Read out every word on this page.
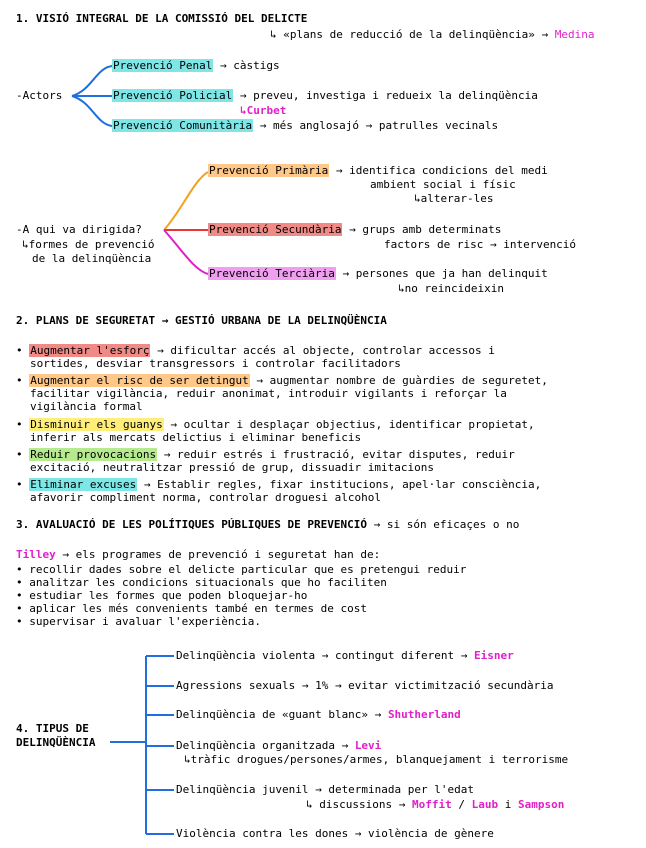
1. VISIÓ INTEGRAL DE LA COMISSIÓ DEL DELICTE
↳ «plans de reducció de la delinqüència» → Medina
-Actors
Prevenció Penal → càstigs
Prevenció Policial → preveu, investiga i redueix la delinqüència
↳Curbet
Prevenció Comunitària → més anglosajó → patrulles vecinals
-A qui va dirigida?
↳formes de prevenció
de la delinqüència
Prevenció Primària → identifica condicions del medi
ambient social i físic
↳alterar-les
Prevenció Secundària → grups amb determinats
factors de risc → intervenció
Prevenció Terciària → persones que ja han delinquit
↳no reincideixin
2. PLANS DE SEGURETAT → GESTIÓ URBANA DE LA DELINQÜÈNCIA
• Augmentar l'esforç → dificultar accés al objecte, controlar accessos i
sortides, desviar transgressors i controlar facilitadors
• Augmentar el risc de ser detingut → augmentar nombre de guàrdies de seguretet,
facilitar vigilància, reduir anonimat, introduir vigilants i reforçar la
vigilància formal
• Disminuir els guanys → ocultar i desplaçar objectius, identificar propietat,
inferir als mercats delictius i eliminar beneficis
• Reduir provocacions → reduir estrés i frustració, evitar disputes, reduir
excitació, neutralitzar pressió de grup, dissuadir imitacions
• Eliminar excuses → Establir regles, fixar institucions, apel·lar consciència,
afavorir compliment norma, controlar droguesi alcohol
3. AVALUACIÓ DE LES POLÍTIQUES PÚBLIQUES DE PREVENCIÓ → si són eficaçes o no
Tilley → els programes de prevenció i seguretat han de:
• recollir dades sobre el delicte particular que es pretengui reduir
• analitzar les condicions situacionals que ho faciliten
• estudiar les formes que poden bloquejar-ho
• aplicar les més convenients també en termes de cost
• supervisar i avaluar l'experiència.
4. TIPUS DE
DELINQÜÈNCIA
Delinqüència violenta → contingut diferent → Eisner
Agressions sexuals → 1% → evitar victimització secundària
Delinqüència de «guant blanc» → Shutherland
Delinqüència organitzada → Levi
↳tràfic drogues/persones/armes, blanquejament i terrorisme
Delinqüència juvenil → determinada per l'edat
↳ discussions → Moffit / Laub i Sampson
Violència contra les dones → violència de gènere
